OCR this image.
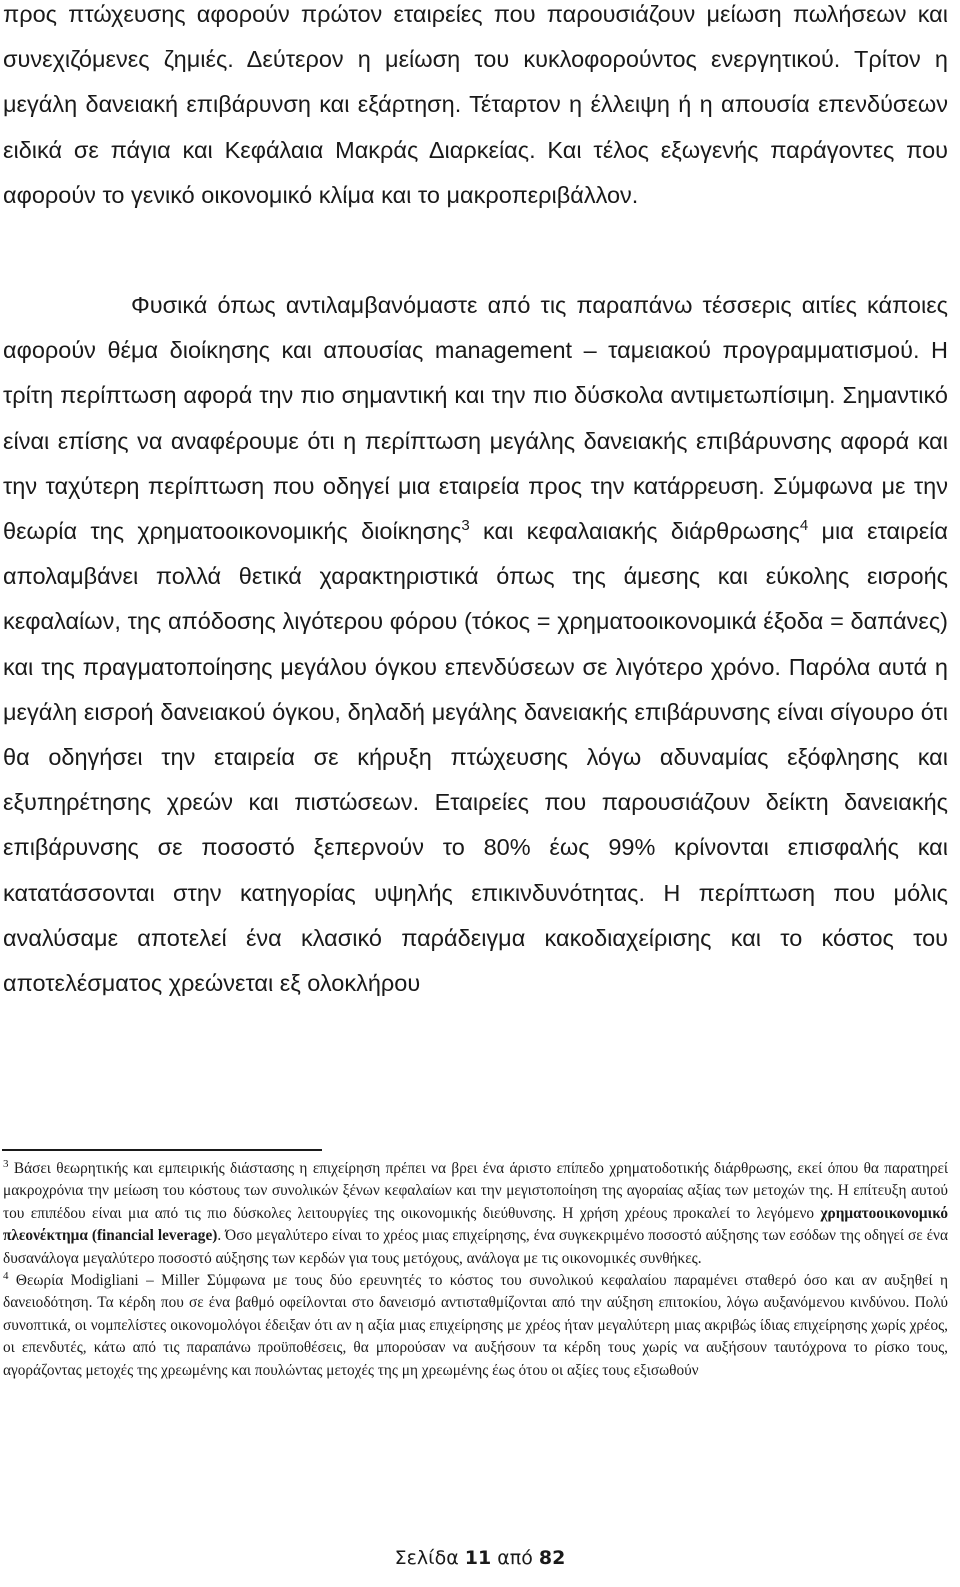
προς πτώχευσης αφορούν πρώτον εταιρείες που παρουσιάζουν μείωση πωλήσεων και συνεχιζόμενες ζημιές. Δεύτερον η μείωση του κυκλοφορούντος ενεργητικού. Τρίτον η μεγάλη δανειακή επιβάρυνση και εξάρτηση. Τέταρτον η έλλειψη ή η απουσία επενδύσεων ειδικά σε πάγια και Κεφάλαια Μακράς Διαρκείας. Και τέλος εξωγενής παράγοντες που αφορούν το γενικό οικονομικό κλίμα και το μακροπεριβάλλον.

Φυσικά όπως αντιλαμβανόμαστε από τις παραπάνω τέσσερις αιτίες κάποιες αφορούν θέμα διοίκησης και απουσίας management – ταμειακού προγραμματισμού. Η τρίτη περίπτωση αφορά την πιο σημαντική και την πιο δύσκολα αντιμετωπίσιμη. Σημαντικό είναι επίσης να αναφέρουμε ότι η περίπτωση μεγάλης δανειακής επιβάρυνσης αφορά και την ταχύτερη περίπτωση που οδηγεί μια εταιρεία προς την κατάρρευση. Σύμφωνα με την θεωρία της χρηματοοικονομικής διοίκησης$^3$ και κεφαλαιακής διάρθρωσης$^4$ μια εταιρεία απολαμβάνει πολλά θετικά χαρακτηριστικά όπως της άμεσης και εύκολης εισροής κεφαλαίων, της απόδοσης λιγότερου φόρου (τόκος = χρηματοοικονομικά έξοδα = δαπάνες) και της πραγματοποίησης μεγάλου όγκου επενδύσεων σε λιγότερο χρόνο. Παρόλα αυτά η μεγάλη εισροή δανειακού όγκου, δηλαδή μεγάλης δανειακής επιβάρυνσης είναι σίγουρο ότι θα οδηγήσει την εταιρεία σε κήρυξη πτώχευσης λόγω αδυναμίας εξόφλησης και εξυπηρέτησης χρεών και πιστώσεων. Εταιρείες που παρουσιάζουν δείκτη δανειακής επιβάρυνσης σε ποσοστό ξεπερνούν το 80% έως 99% κρίνονται επισφαλής και κατατάσσονται στην κατηγορίας υψηλής επικινδυνότητας. Η περίπτωση που μόλις αναλύσαμε αποτελεί ένα κλασικό παράδειγμα κακοδιαχείρισης και το κόστος του αποτελέσματος χρεώνεται εξ ολοκλήρου

$^3$ Βάσει θεωρητικής και εμπειρικής διάστασης η επιχείρηση πρέπει να βρει ένα άριστο επίπεδο χρηματοδοτικής διάρθρωσης, εκεί όπου θα παρατηρεί μακροχρόνια την μείωση του κόστους των συνολικών ξένων κεφαλαίων και την μεγιστοποίηση της αγοραίας αξίας των μετοχών της. Η επίτευξη αυτού του επιπέδου είναι μια από τις πιο δύσκολες λειτουργίες της οικονομικής διεύθυνσης. Η χρήση χρέους προκαλεί το λεγόμενο χρηματοοικονομικό πλεονέκτημα (financial leverage). Όσο μεγαλύτερο είναι το χρέος μιας επιχείρησης, ένα συγκεκριμένο ποσοστό αύξησης των εσόδων της οδηγεί σε ένα δυσανάλογα μεγαλύτερο ποσοστό αύξησης των κερδών για τους μετόχους, ανάλογα με τις οικονομικές συνθήκες.

$^4$ Θεωρία Modigliani – Miller Σύμφωνα με τους δύο ερευνητές το κόστος του συνολικού κεφαλαίου παραμένει σταθερό όσο και αν αυξηθεί η δανειοδότηση. Τα κέρδη που σε ένα βαθμό οφείλονται στο δανεισμό αντισταθμίζονται από την αύξηση επιτοκίου, λόγω αυξανόμενου κινδύνου. Πολύ συνοπτικά, οι νομπελίστες οικονομολόγοι έδειξαν ότι αν η αξία μιας επιχείρησης με χρέος ήταν μεγαλύτερη μιας ακριβώς ίδιας επιχείρησης χωρίς χρέος, οι επενδυτές, κάτω από τις παραπάνω προϋποθέσεις, θα μπορούσαν να αυξήσουν τα κέρδη τους χωρίς να αυξήσουν ταυτόχρονα το ρίσκο τους, αγοράζοντας μετοχές της χρεωμένης και πουλώντας μετοχές της μη χρεωμένης έως ότου οι αξίες τους εξισωθούν

Σελίδα 11 από 82
